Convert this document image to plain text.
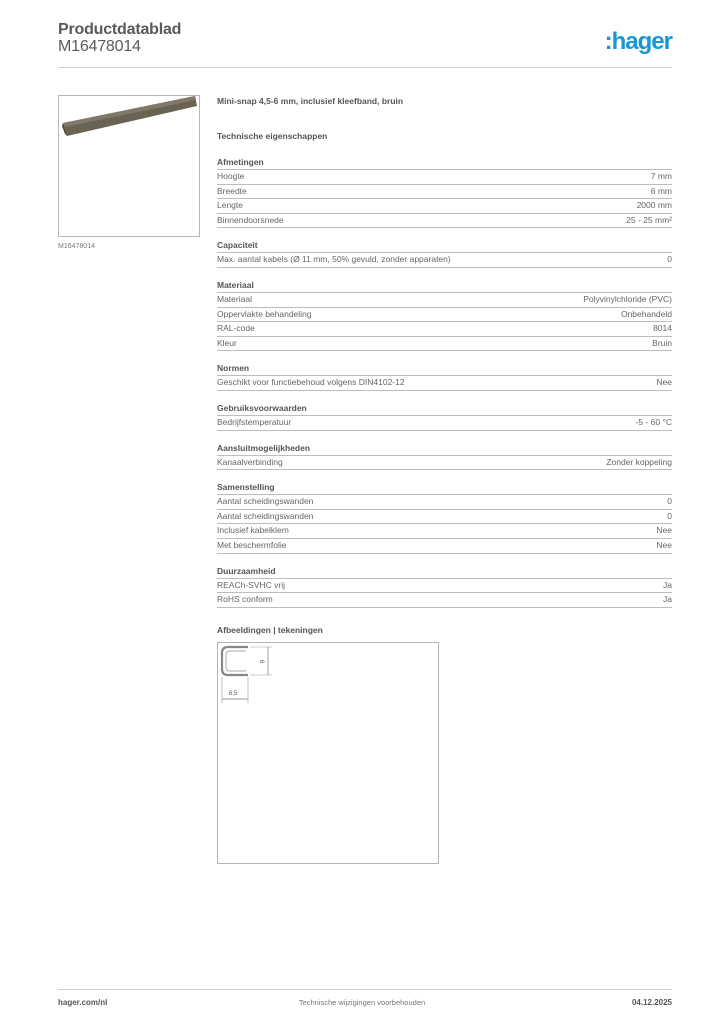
Productdatablad
M16478014	:hager
M16478014
Mini-snap 4,5-6 mm, inclusief kleefband, bruin
Technische eigenschappen
Afmetingen
Hoogte	7 mm
Breedte	6 mm
Lengte	2000 mm
Binnendoorsnede	25 - 25 mm²
Capaciteit
Max. aantal kabels (Ø 11 mm, 50% gevuld, zonder apparaten)	0
Materiaal
Materiaal	Polyvinylchloride (PVC)
Oppervlakte behandeling	Onbehandeld
RAL-code	8014
Kleur	Bruin
Normen
Geschikt voor functiebehoud volgens DIN4102-12	Nee
Gebruiksvoorwaarden
Bedrijfstemperatuur	-5 - 60 °C
Aansluitmogelijkheden
Kanaalverbinding	Zonder koppeling
Samenstelling
Aantal scheidingswanden	0
Aantal scheidingswanden	0
Inclusief kabelklem	Nee
Met beschermfolie	Nee
Duurzaamheid
REACh-SVHC vrij	Ja
RoHS conform	Ja
Afbeeldingen | tekeningen
6
6,5
hager.com/nl	Technische wijzigingen voorbehouden	04.12.2025
